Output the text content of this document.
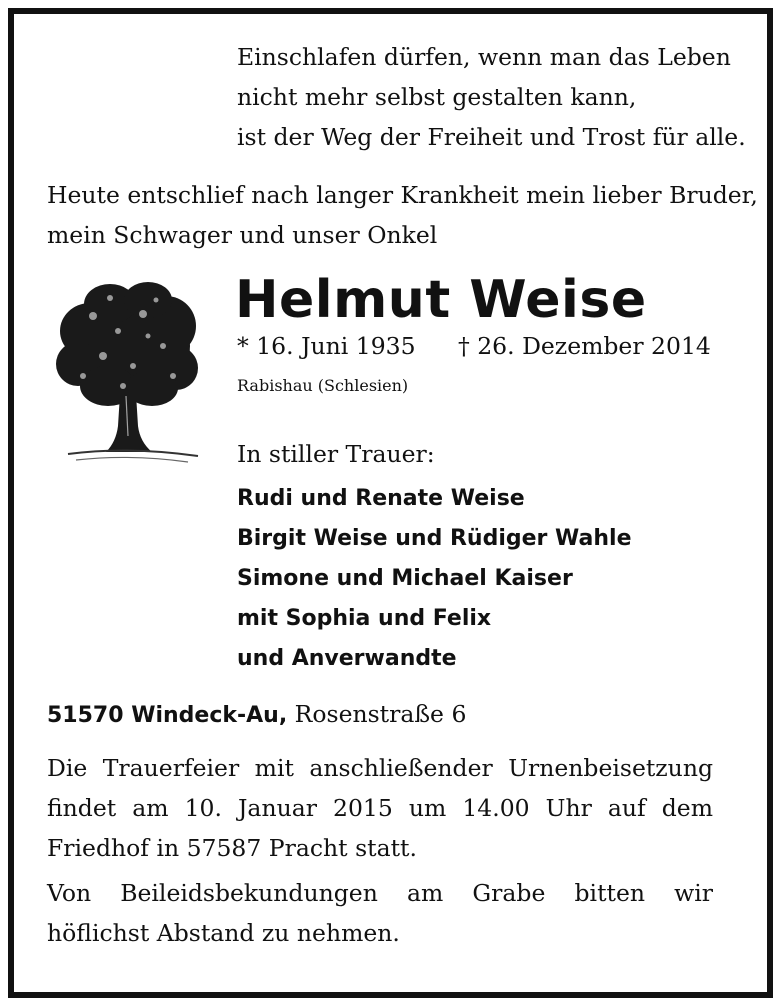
Einschlafen dürfen, wenn man das Leben
nicht mehr selbst gestalten kann,
ist der Weg der Freiheit und Trost für alle.
Heute entschlief nach langer Krankheit mein lieber Bruder,
mein Schwager und unser Onkel
Helmut Weise
* 16. Juni 1935 † 26. Dezember 2014
Rabishau (Schlesien)
In stiller Trauer:
Rudi und Renate Weise
Birgit Weise und Rüdiger Wahle
Simone und Michael Kaiser
mit Sophia und Felix
und Anverwandte
51570 Windeck-Au, Rosenstraße 6
Die Trauerfeier mit anschließender Urnenbeisetzung findet am 10. Januar 2015 um 14.00 Uhr auf dem Friedhof in 57587 Pracht statt.
Von Beileidsbekundungen am Grabe bitten wir höflichst Abstand zu nehmen.
